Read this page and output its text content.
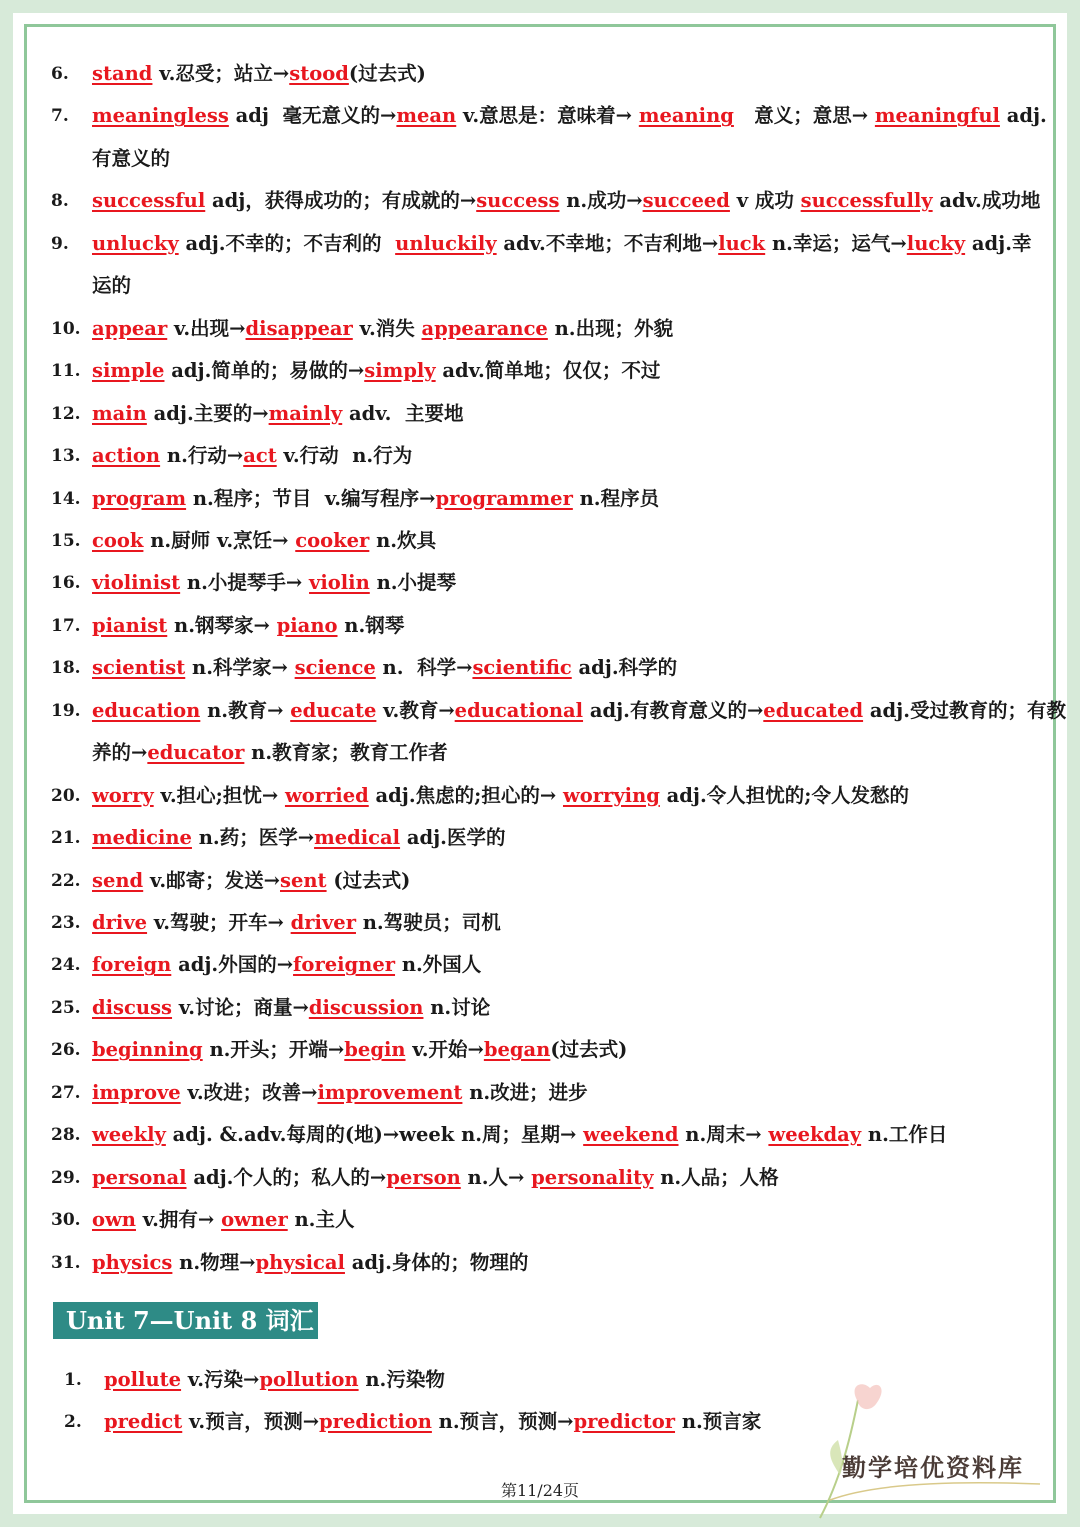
6. stand v.忍受；站立→stood(过去式)
7. meaningless adj  毫无意义的→mean v.意思是：意味着→ meaning   意义；意思→ meaningful adj.
有意义的
8. successful adj，获得成功的；有成就的→success n.成功→succeed v 成功 successfully adv.成功地
9. unlucky adj.不幸的；不吉利的  unluckily adv.不幸地；不吉利地→luck n.幸运；运气→lucky adj.幸
运的
10. appear v.出现→disappear v.消失 appearance n.出现；外貌
11. simple adj.简单的；易做的→simply adv.简单地；仅仅；不过
12. main adj.主要的→mainly adv.  主要地
13. action n.行动→act v.行动  n.行为
14. program n.程序；节目  v.编写程序→programmer n.程序员
15. cook n.厨师 v.烹饪→ cooker n.炊具
16. violinist n.小提琴手→ violin n.小提琴
17. pianist n.钢琴家→ piano n.钢琴
18. scientist n.科学家→ science n.  科学→scientific adj.科学的
19. education n.教育→ educate v.教育→educational adj.有教育意义的→educated adj.受过教育的；有教
养的→educator n.教育家；教育工作者
20. worry v.担心;担忧→ worried adj.焦虑的;担心的→ worrying adj.令人担忧的;令人发愁的
21. medicine n.药；医学→medical adj.医学的
22. send v.邮寄；发送→sent (过去式)
23. drive v.驾驶；开车→ driver n.驾驶员；司机
24. foreign adj.外国的→foreigner n.外国人
25. discuss v.讨论；商量→discussion n.讨论
26. beginning n.开头；开端→begin v.开始→began(过去式)
27. improve v.改进；改善→improvement n.改进；进步
28. weekly adj. &.adv.每周的(地)→week n.周；星期→ weekend n.周末→ weekday n.工作日
29. personal adj.个人的；私人的→person n.人→ personality n.人品；人格
30. own v.拥有→ owner n.主人
31. physics n.物理→physical adj.身体的；物理的
Unit 7—Unit 8 词汇
1. pollute v.污染→pollution n.污染物
2. predict v.预言，预测→prediction n.预言，预测→predictor n.预言家
勤学培优资料库
第11/24页
